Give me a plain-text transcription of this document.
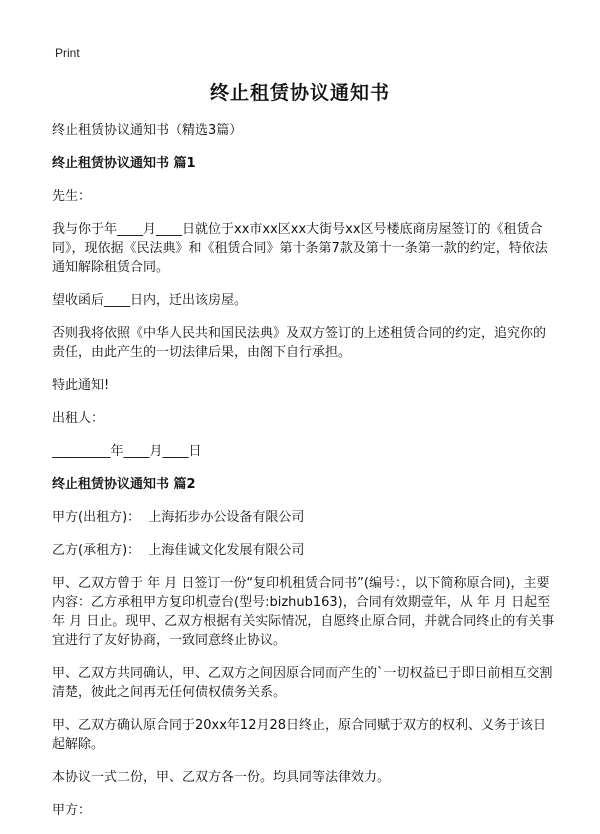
Print
终止租赁协议通知书

终止租赁协议通知书（精选3篇）

终止租赁协议通知书 篇1

先生：

我与你于年____月____日就位于xx市xx区xx大街号xx区号楼底商房屋签订的《租赁合同》，现依据《民法典》和《租赁合同》第十条第7款及第十一条第一款的约定，特依法通知解除租赁合同。

望收函后____日内，迁出该房屋。

否则我将依照《中华人民共和国民法典》及双方签订的上述租赁合同的约定，追究你的责任，由此产生的一切法律后果，由阁下自行承担。

特此通知!

出租人：

_________年____月____日

终止租赁协议通知书 篇2

甲方(出租方)：  上海拓步办公设备有限公司

乙方(承租方)：  上海佳诚文化发展有限公司

甲、乙双方曾于 年 月 日签订一份“复印机租赁合同书”(编号：，以下简称原合同)，主要内容：乙方承租甲方复印机壹台(型号:bizhub163)，合同有效期壹年，从 年 月 日起至 年 月 日止。现甲、乙双方根据有关实际情况，自愿终止原合同，并就合同终止的有关事宜进行了友好协商，一致同意终止协议。

甲、乙双方共同确认，甲、乙双方之间因原合同而产生的`一切权益已于即日前相互交割清楚，彼此之间再无任何债权债务关系。

甲、乙双方确认原合同于20xx年12月28日终止，原合同赋于双方的权利、义务于该日起解除。

本协议一式二份，甲、乙双方各一份。均具同等法律效力。

甲方：
